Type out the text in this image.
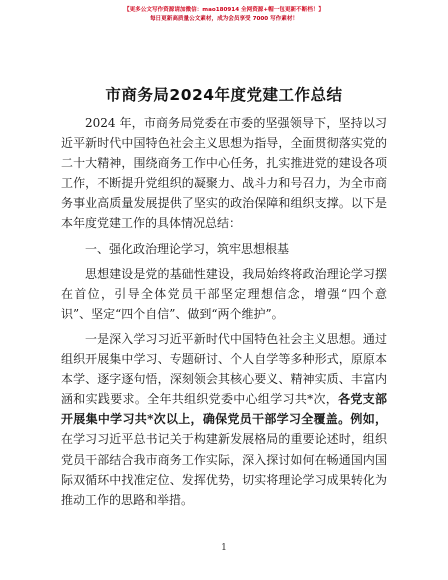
【更多公文写作资源请加微信：mao180914 全网资源+帽一包更新不断档！】
每日更新高质量公文素材，成为会员享受 7000 写作素材！
市商务局2024年度党建工作总结
2024 年，市商务局党委在市委的坚强领导下，坚持以习
近平新时代中国特色社会主义思想为指导，全面贯彻落实党的
二十大精神，围绕商务工作中心任务，扎实推进党的建设各项
工作，不断提升党组织的凝聚力、战斗力和号召力，为全市商
务事业高质量发展提供了坚实的政治保障和组织支撑。以下是
本年度党建工作的具体情况总结：
一、强化政治理论学习，筑牢思想根基
思想建设是党的基础性建设，我局始终将政治理论学习摆
在首位，引导全体党员干部坚定理想信念，增强“四个意
识”、坚定“四个自信”、做到“两个维护”。
一是深入学习习近平新时代中国特色社会主义思想。通过
组织开展集中学习、专题研讨、个人自学等多种形式，原原本
本学、逐字逐句悟，深刻领会其核心要义、精神实质、丰富内
涵和实践要求。全年共组织党委中心组学习共*次，各党支部
开展集中学习共*次以上，确保党员干部学习全覆盖。例如，
在学习习近平总书记关于构建新发展格局的重要论述时，组织
党员干部结合我市商务工作实际，深入探讨如何在畅通国内国
际双循环中找准定位、发挥优势，切实将理论学习成果转化为
推动工作的思路和举措。
1
